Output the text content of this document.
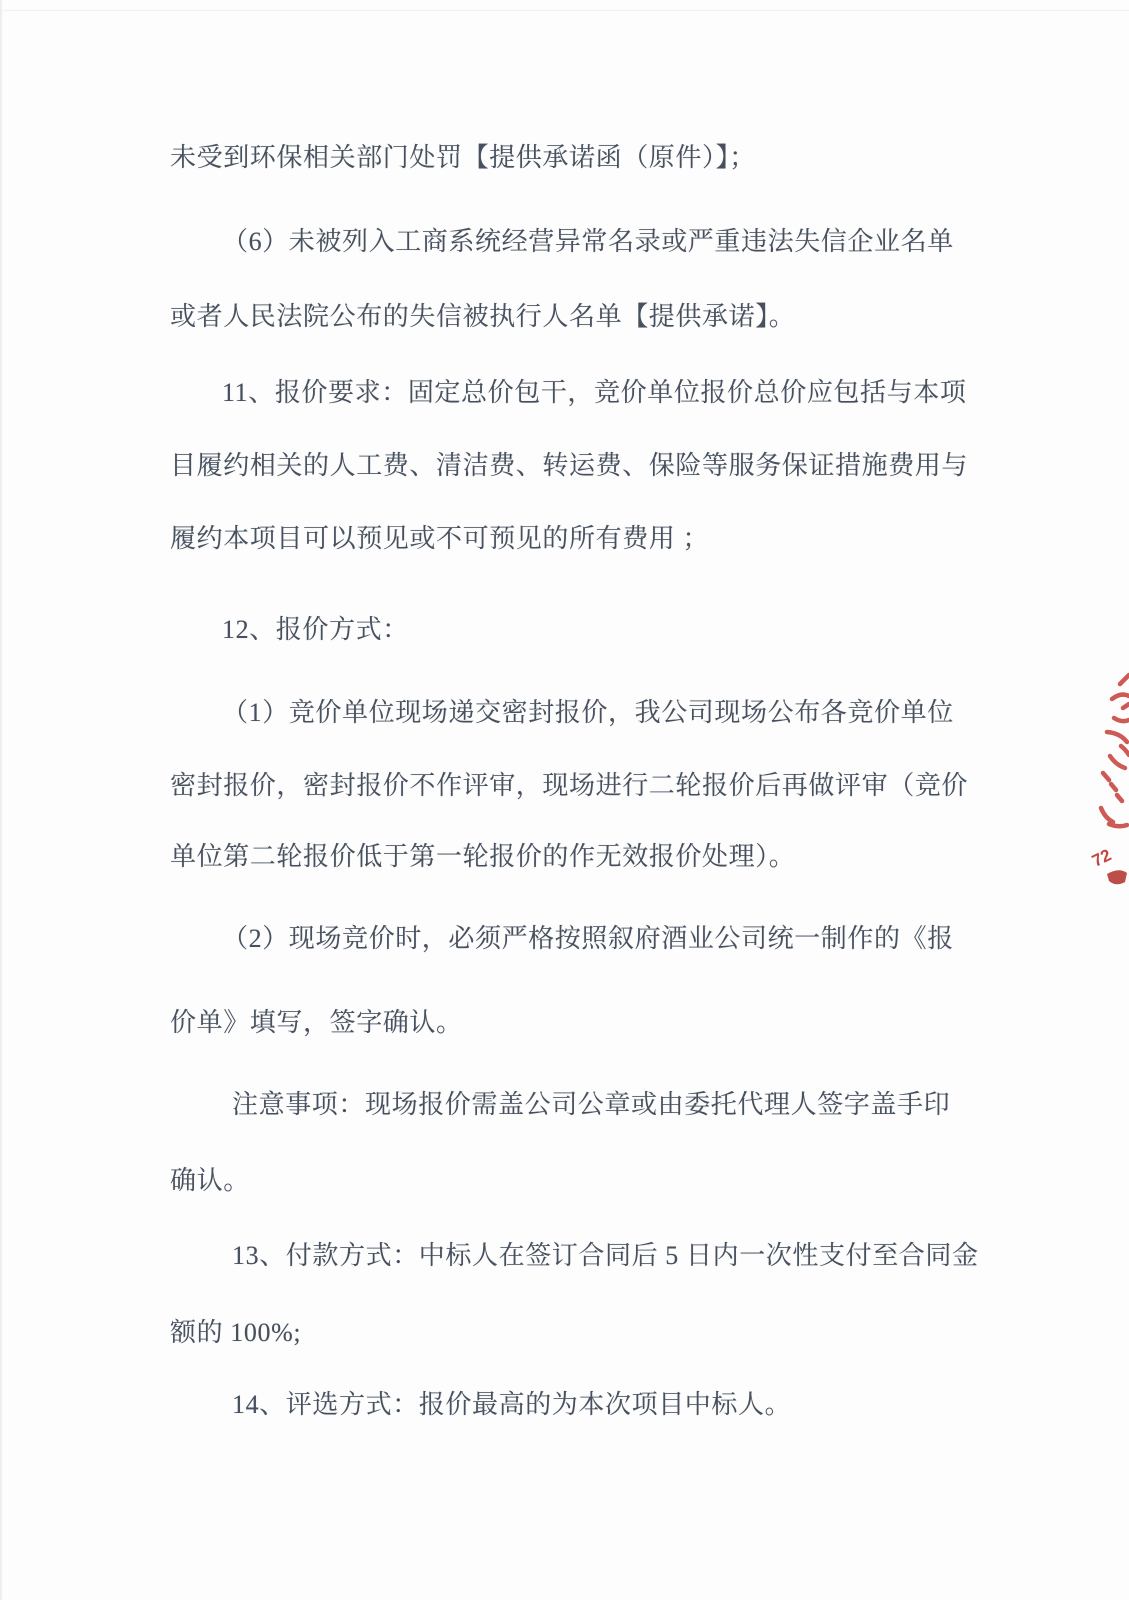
未受到环保相关部门处罚【提供承诺函（原件）】；
（6）未被列入工商系统经营异常名录或严重违法失信企业名单
或者人民法院公布的失信被执行人名单【提供承诺】。
11、报价要求：固定总价包干，竞价单位报价总价应包括与本项
目履约相关的人工费、清洁费、转运费、保险等服务保证措施费用与
履约本项目可以预见或不可预见的所有费用 ；
12、报价方式：
（1）竞价单位现场递交密封报价，我公司现场公布各竞价单位
密封报价，密封报价不作评审，现场进行二轮报价后再做评审（竞价
单位第二轮报价低于第一轮报价的作无效报价处理）。
（2）现场竞价时，必须严格按照叙府酒业公司统一制作的《报
价单》填写，签字确认。
注意事项：现场报价需盖公司公章或由委托代理人签字盖手印
确认。
13、付款方式：中标人在签订合同后 5 日内一次性支付至合同金
额的 100%;
14、评选方式：报价最高的为本次项目中标人。
72
